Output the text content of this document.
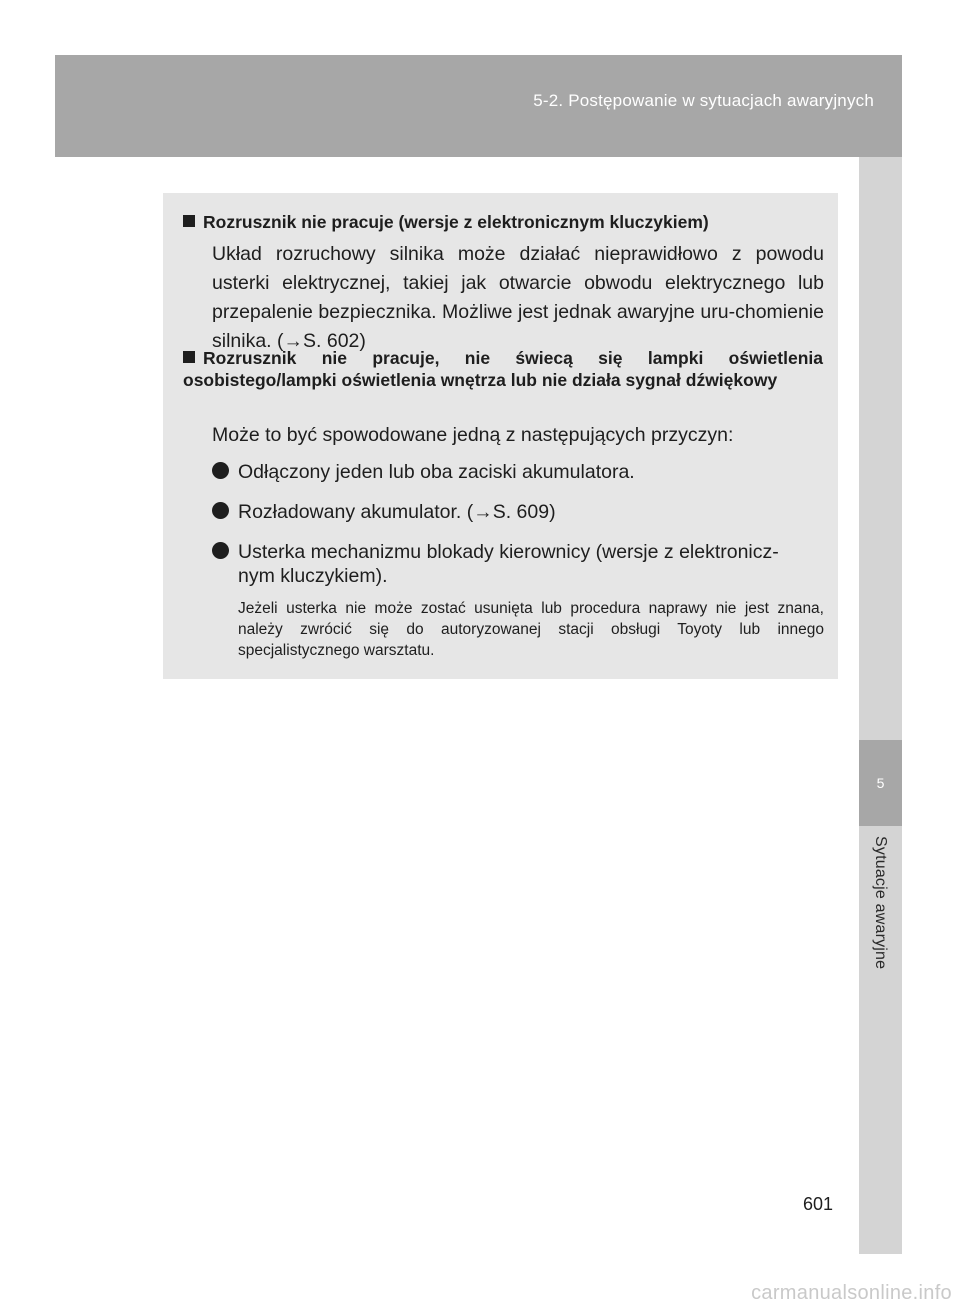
5-2. Postępowanie w sytuacjach awaryjnych
5
Sytuacje awaryjne
Rozrusznik nie pracuje (wersje z elektronicznym kluczykiem)
Układ rozruchowy silnika może działać nieprawidłowo z powodu usterki elektrycznej, takiej jak otwarcie obwodu elektrycznego lub przepalenie bezpiecznika. Możliwe jest jednak awaryjne uru-chomienie silnika. (→S. 602)
Rozrusznik nie pracuje, nie świecą się lampki oświetlenia osobistego/lampki oświetlenia wnętrza lub nie działa sygnał dźwiękowy
Może to być spowodowane jedną z następujących przyczyn:
Odłączony jeden lub oba zaciski akumulatora.
Rozładowany akumulator. (→S. 609)
Usterka mechanizmu blokady kierownicy (wersje z elektronicz-
nym kluczykiem).
Jeżeli usterka nie może zostać usunięta lub procedura naprawy nie jest znana, należy zwrócić się do autoryzowanej stacji obsługi Toyoty lub innego specjalistycznego warsztatu.
601
carmanualsonline.info
